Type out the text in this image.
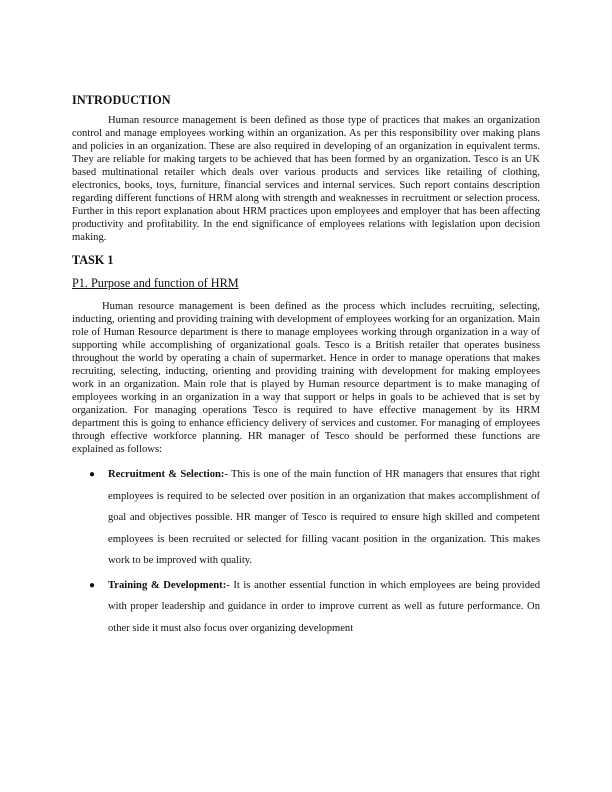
INTRODUCTION

Human resource management is been defined as those type of practices that makes an organization control and manage employees working within an organization. As per this responsibility over making plans and policies in an organization. These are also required in developing of an organization in equivalent terms. They are reliable for making targets to be achieved that has been formed by an organization. Tesco is an UK based multinational retailer which deals over various products and services like retailing of clothing, electronics, books, toys, furniture, financial services and internal services. Such report contains description regarding different functions of HRM along with strength and weaknesses in recruitment or selection process. Further in this report explanation about HRM practices upon employees and employer that has been affecting productivity and profitability. In the end significance of employees relations with legislation upon decision making.

TASK 1
P1. Purpose and function of HRM

Human resource management is been defined as the process which includes recruiting, selecting, inducting, orienting and providing training with development of employees working for an organization. Main role of Human Resource department is there to manage employees working through organization in a way of supporting while accomplishing of organizational goals. Tesco is a British retailer that operates business throughout the world by operating a chain of supermarket. Hence in order to manage operations that makes recruiting, selecting, inducting, orienting and providing training with development for making employees work in an organization. Main role that is played by Human resource department is to make managing of employees working in an organization in a way that support or helps in goals to be achieved that is set by organization. For managing operations Tesco is required to have effective management by its HRM department this is going to enhance efficiency delivery of services and customer. For managing of employees through effective workforce planning. HR manager of Tesco should be performed these functions are explained as follows:

● Recruitment & Selection:- This is one of the main function of HR managers that ensures that right employees is required to be selected over position in an organization that makes accomplishment of goal and objectives possible. HR manger of Tesco is required to ensure high skilled and competent employees is been recruited or selected for filling vacant position in the organization. This makes work to be improved with quality.
● Training & Development:- It is another essential function in which employees are being provided with proper leadership and guidance in order to improve current as well as future performance. On other side it must also focus over organizing development
